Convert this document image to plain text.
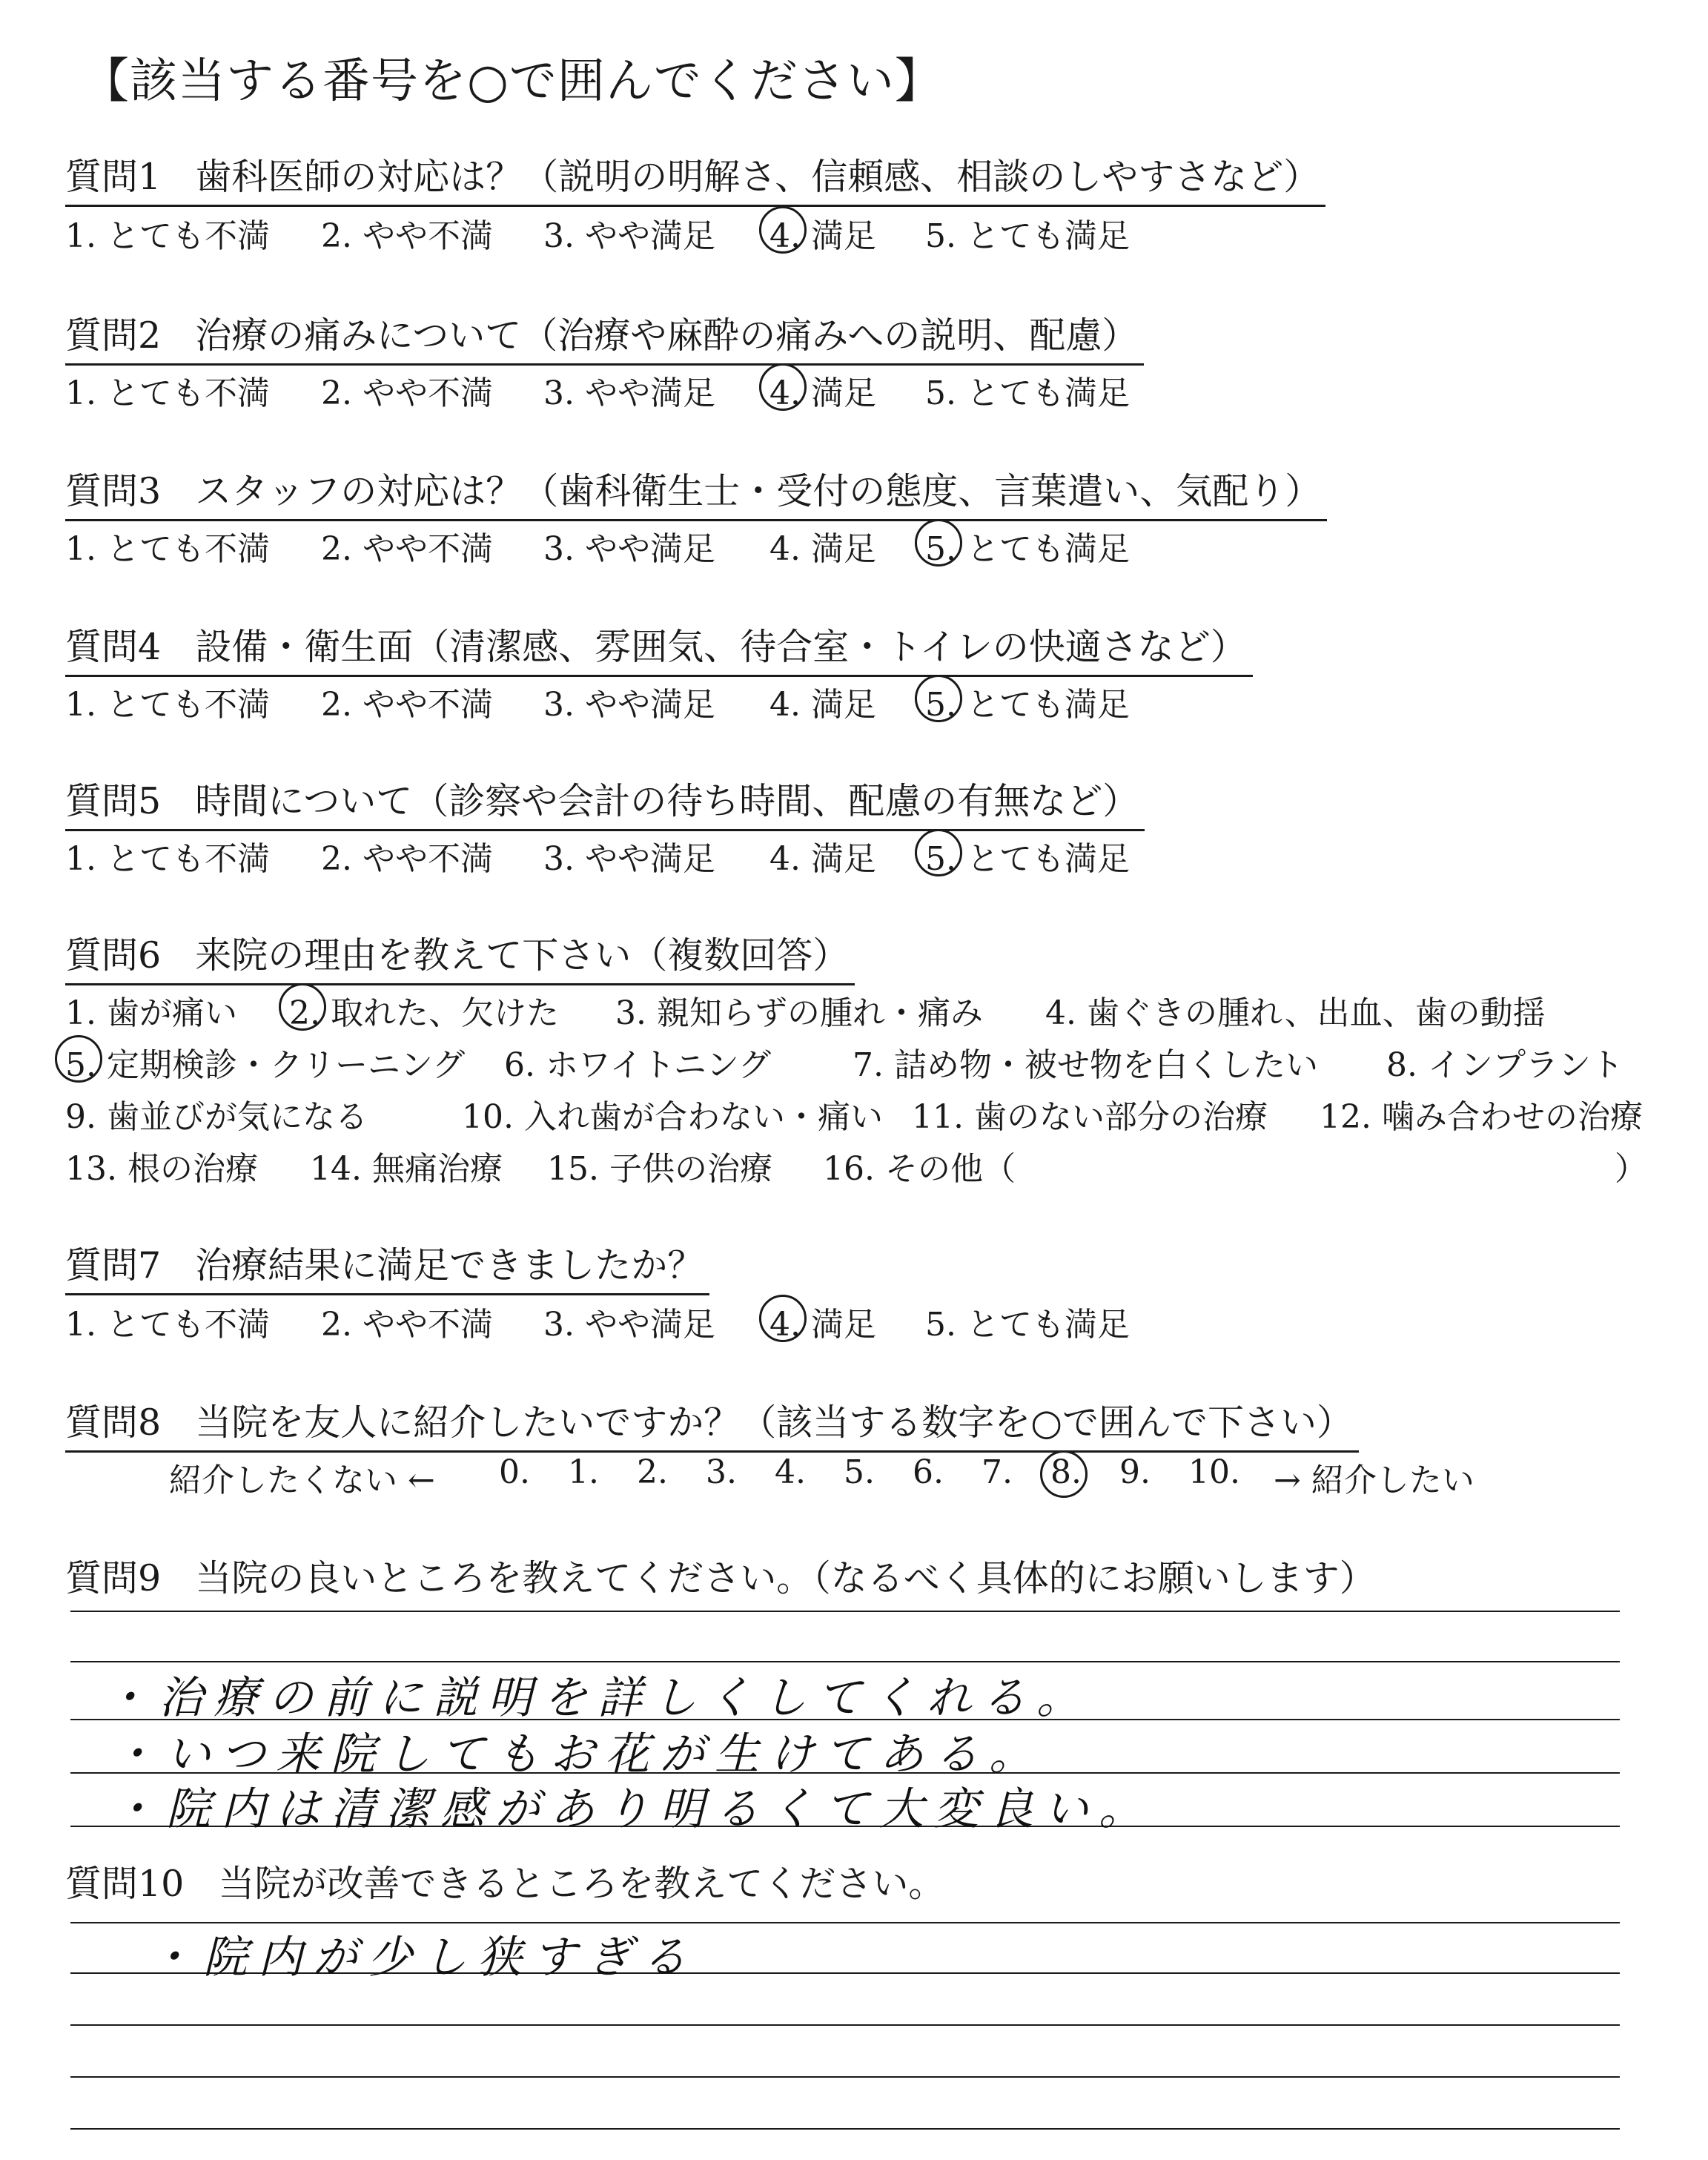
【該当する番号を○で囲んでください】
質問1 歯科医師の対応は？（説明の明解さ、信頼感、相談のしやすさなど）
1. とても不満 2. やや不満 3. やや満足 4. 満足 5. とても満足
質問2 治療の痛みについて（治療や麻酔の痛みへの説明、配慮）
1. とても不満 2. やや不満 3. やや満足 4. 満足 5. とても満足
質問3 スタッフの対応は？（歯科衛生士・受付の態度、言葉遣い、気配り）
1. とても不満 2. やや不満 3. やや満足 4. 満足 5. とても満足
質問4 設備・衛生面（清潔感、雰囲気、待合室・トイレの快適さなど）
1. とても不満 2. やや不満 3. やや満足 4. 満足 5. とても満足
質問5 時間について（診察や会計の待ち時間、配慮の有無など）
1. とても不満 2. やや不満 3. やや満足 4. 満足 5. とても満足
質問6 来院の理由を教えて下さい（複数回答）
1. 歯が痛い 2. 取れた、欠けた 3. 親知らずの腫れ・痛み 4. 歯ぐきの腫れ、出血、歯の動揺
5. 定期検診・クリーニング 6. ホワイトニング 7. 詰め物・被せ物を白くしたい 8. インプラント
9. 歯並びが気になる	10. 入れ歯が合わない・痛い 11. 歯のない部分の治療 12. 噛み合わせの治療
13. 根の治療 14. 無痛治療 15. 子供の治療 16. その他（	）
質問7 治療結果に満足できましたか？
1. とても不満 2. やや不満 3. やや満足 4. 満足 5. とても満足
質問8 当院を友人に紹介したいですか？（該当する数字を○で囲んで下さい）
紹介したくない ← 0. 1. 2. 3. 4. 5. 6. 7. 8. 9. 10. → 紹介したい
質問9 当院の良いところを教えてください。（なるべく具体的にお願いします）
・治療の前に説明を詳しくしてくれる。
・いつ来院してもお花が生けてある。
・院内は清潔感があり明るくて大変良い。
質問10 当院が改善できるところを教えてください。
・院内が少し狭すぎる
